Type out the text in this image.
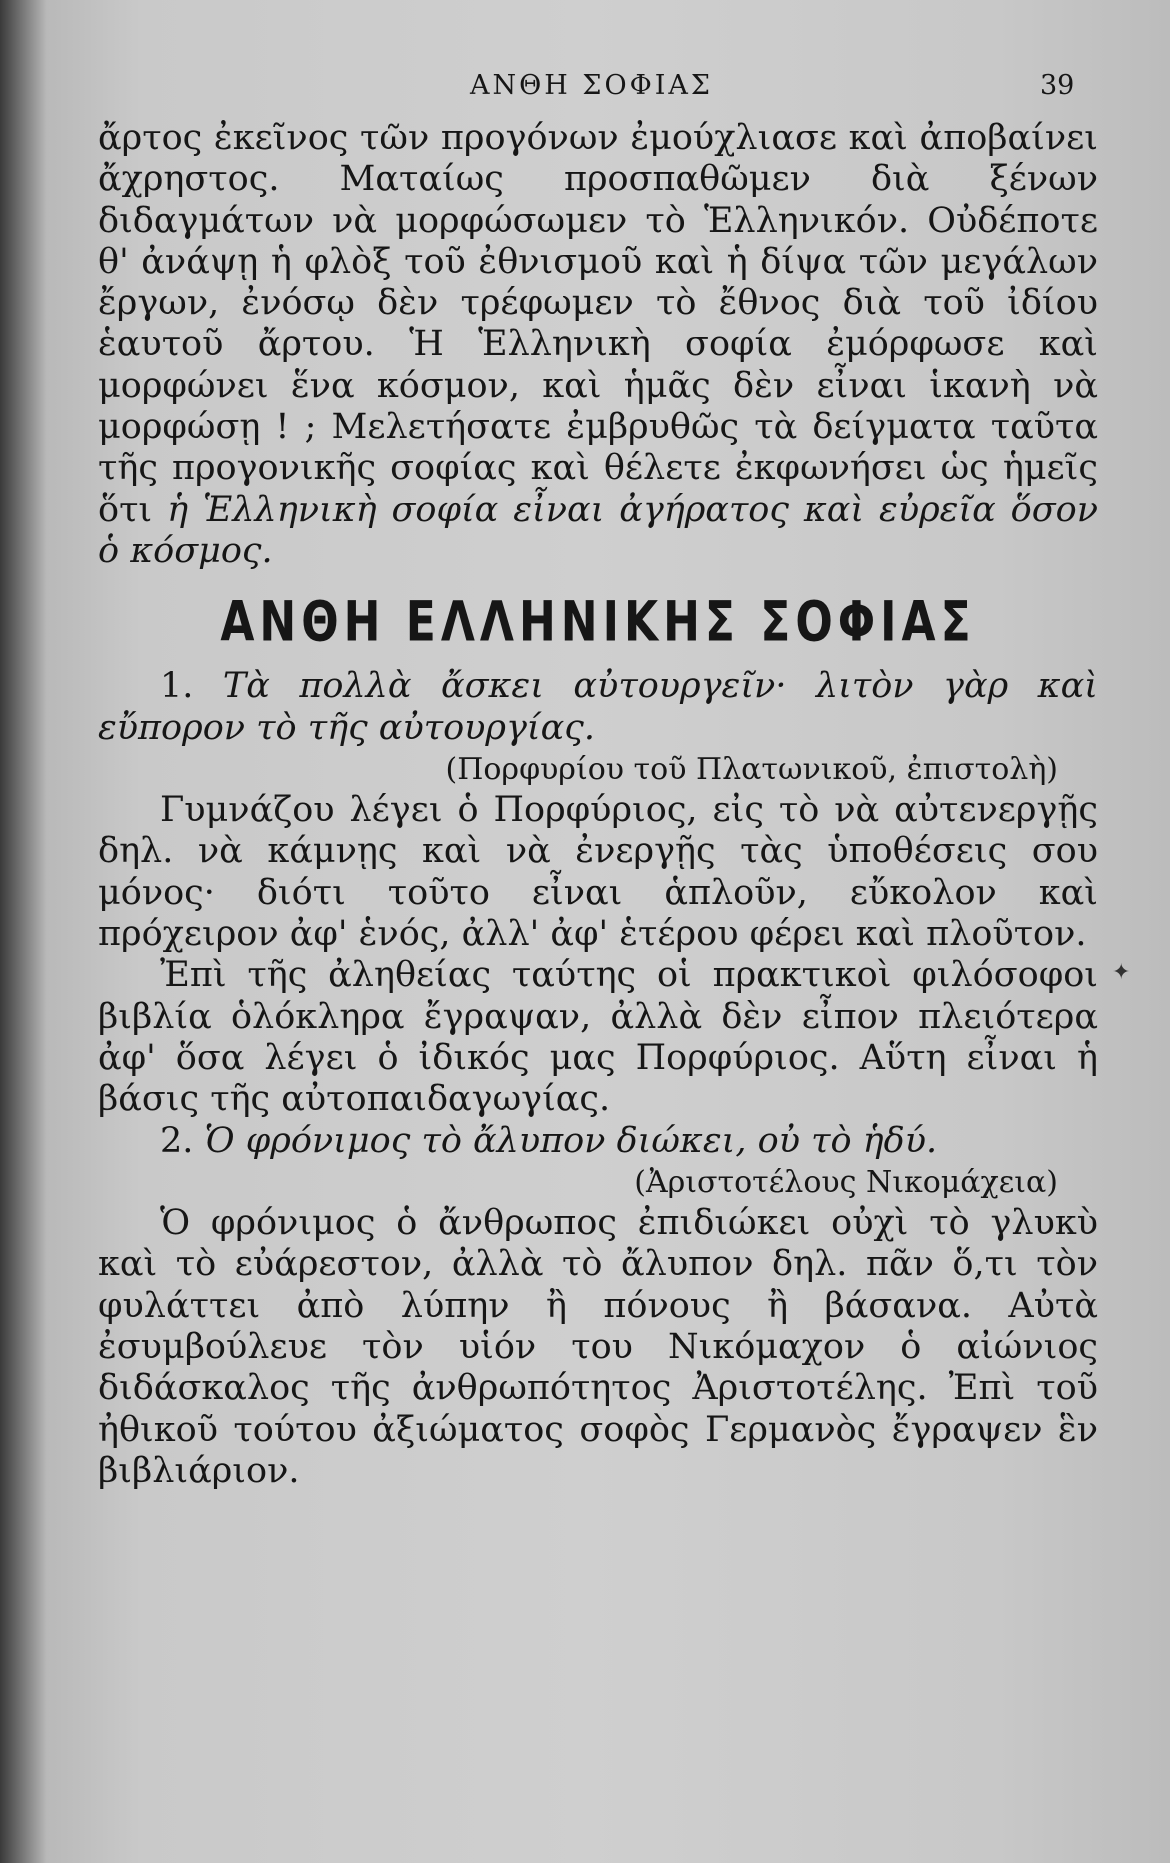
ΑΝΘΗ ΣΟΦΙΑΣ	39

ἄρτος ἐκεῖνος τῶν προγόνων ἐμούχλιασε καὶ ἀποβαίνει ἄχρηστος. Ματαίως προσπαθῶμεν διὰ ξένων διδαγμάτων νὰ μορφώσωμεν τὸ Ἑλληνικόν. Οὐδέποτε θ' ἀνάψῃ ἡ φλὸξ τοῦ ἐθνισμοῦ καὶ ἡ δίψα τῶν μεγάλων ἔργων, ἐνόσῳ δὲν τρέφωμεν τὸ ἔθνος διὰ τοῦ ἰδίου ἑαυτοῦ ἄρτου. Ἡ Ἑλληνικὴ σοφία ἐμόρφωσε καὶ μορφώνει ἕνα κόσμον, καὶ ἡμᾶς δὲν εἶναι ἱκανὴ νὰ μορφώσῃ ! ; Μελετήσατε ἐμβρυθῶς τὰ δείγματα ταῦτα τῆς προγονικῆς σοφίας καὶ θέλετε ἐκφωνήσει ὡς ἡμεῖς ὅτι ἡ Ἑλληνικὴ σοφία εἶναι ἀγήρατος καὶ εὐρεῖα ὅσον ὁ κόσμος.

ΑΝΘΗ ΕΛΛΗΝΙΚΗΣ ΣΟΦΙΑΣ

1. Τὰ πολλὰ ἄσκει αὐτουργεῖν· λιτὸν γὰρ καὶ εὔπορον τὸ τῆς αὐτουργίας.

(Πορφυρίου τοῦ Πλατωνικοῦ, ἐπιστολὴ)

Γυμνάζου λέγει ὁ Πορφύριος, εἰς τὸ νὰ αὐτενεργῇς δηλ. νὰ κάμνῃς καὶ νὰ ἐνεργῇς τὰς ὑποθέσεις σου μόνος· διότι τοῦτο εἶναι ἁπλοῦν, εὔκολον καὶ πρόχειρον ἀφ' ἑνός, ἀλλ' ἀφ' ἑτέρου φέρει καὶ πλοῦτον.

Ἐπὶ τῆς ἀληθείας ταύτης οἱ πρακτικοὶ φιλόσοφοι βιβλία ὁλόκληρα ἔγραψαν, ἀλλὰ δὲν εἶπον πλειότερα ἀφ' ὅσα λέγει ὁ ἰδικός μας Πορφύριος. Αὕτη εἶναι ἡ βάσις τῆς αὐτοπαιδαγωγίας.

2. Ὁ φρόνιμος τὸ ἄλυπον διώκει, οὐ τὸ ἡδύ.

(Ἀριστοτέλους Νικομάχεια)

Ὁ φρόνιμος ὁ ἄνθρωπος ἐπιδιώκει οὐχὶ τὸ γλυκὺ καὶ τὸ εὐάρεστον, ἀλλὰ τὸ ἄλυπον δηλ. πᾶν ὅ,τι τὸν φυλάττει ἀπὸ λύπην ἢ πόνους ἢ βάσανα. Αὐτὰ ἐσυμβούλευε τὸν υἱόν του Νικόμαχον ὁ αἰώνιος διδάσκαλος τῆς ἀνθρωπότητος Ἀριστοτέλης. Ἐπὶ τοῦ ἠθικοῦ τούτου ἀξιώματος σοφὸς Γερμανὸς ἔγραψεν ἓν βιβλιάριον.

✦
